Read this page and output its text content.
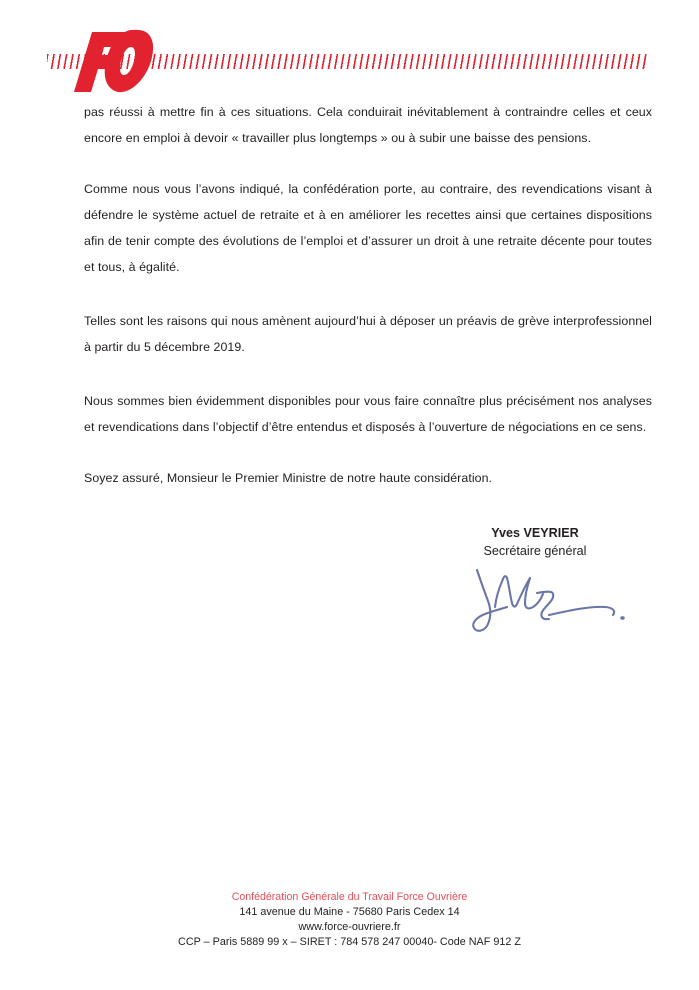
pas réussi à mettre fin à ces situations. Cela conduirait inévitablement à contraindre celles et ceux encore en emploi à devoir « travailler plus longtemps » ou à subir une baisse des pensions.

Comme nous vous l’avons indiqué, la confédération porte, au contraire, des revendications visant à défendre le système actuel de retraite et à en améliorer les recettes ainsi que certaines dispositions afin de tenir compte des évolutions de l’emploi et d’assurer un droit à une retraite décente pour toutes et tous, à égalité.

Telles sont les raisons qui nous amènent aujourd’hui à déposer un préavis de grève interprofessionnel à partir du 5 décembre 2019.

Nous sommes bien évidemment disponibles pour vous faire connaître plus précisément nos analyses et revendications dans l’objectif d’être entendus et disposés à l’ouverture de négociations en ce sens.

Soyez assuré, Monsieur le Premier Ministre de notre haute considération.

Yves VEYRIER
Secrétaire général
Confédération Générale du Travail Force Ouvrière
141 avenue du Maine - 75680 Paris Cedex 14
www.force-ouvriere.fr
CCP – Paris 5889 99 x – SIRET : 784 578 247 00040- Code NAF 912 Z
